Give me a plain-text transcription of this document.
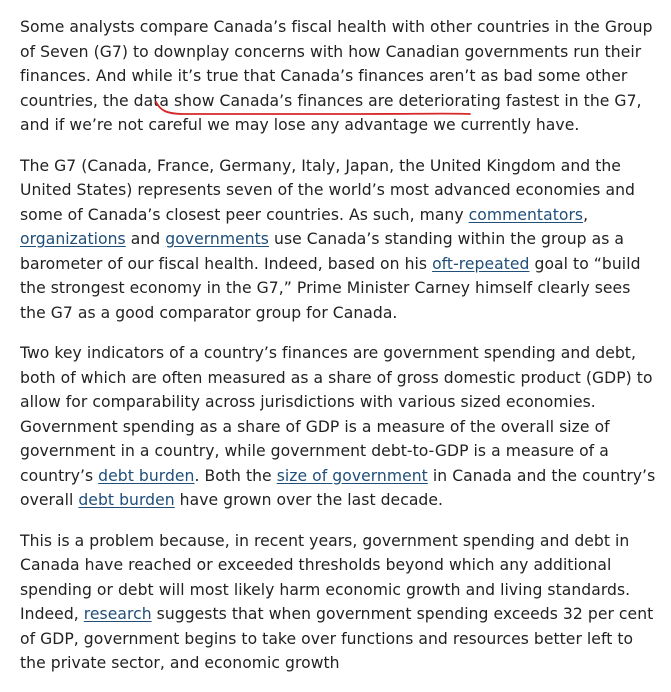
Some analysts compare Canada’s fiscal health with other countries in the Group of Seven (G7) to downplay concerns with how Canadian governments run their finances. And while it’s true that Canada’s finances aren’t as bad some other countries, the data show Canada’s finances are deteriorating fastest in the G7, and if we’re not careful we may lose any advantage we currently have.

The G7 (Canada, France, Germany, Italy, Japan, the United Kingdom and the United States) represents seven of the world’s most advanced economies and some of Canada’s closest peer countries. As such, many commentators, organizations and governments use Canada’s standing within the group as a barometer of our fiscal health. Indeed, based on his oft-repeated goal to “build the strongest economy in the G7,” Prime Minister Carney himself clearly sees the G7 as a good comparator group for Canada.

Two key indicators of a country’s finances are government spending and debt, both of which are often measured as a share of gross domestic product (GDP) to allow for comparability across jurisdictions with various sized economies. Government spending as a share of GDP is a measure of the overall size of government in a country, while government debt-to-GDP is a measure of a country’s debt burden. Both the size of government in Canada and the country’s overall debt burden have grown over the last decade.

This is a problem because, in recent years, government spending and debt in Canada have reached or exceeded thresholds beyond which any additional spending or debt will most likely harm economic growth and living standards. Indeed, research suggests that when government spending exceeds 32 per cent of GDP, government begins to take over functions and resources better left to the private sector, and economic growth
